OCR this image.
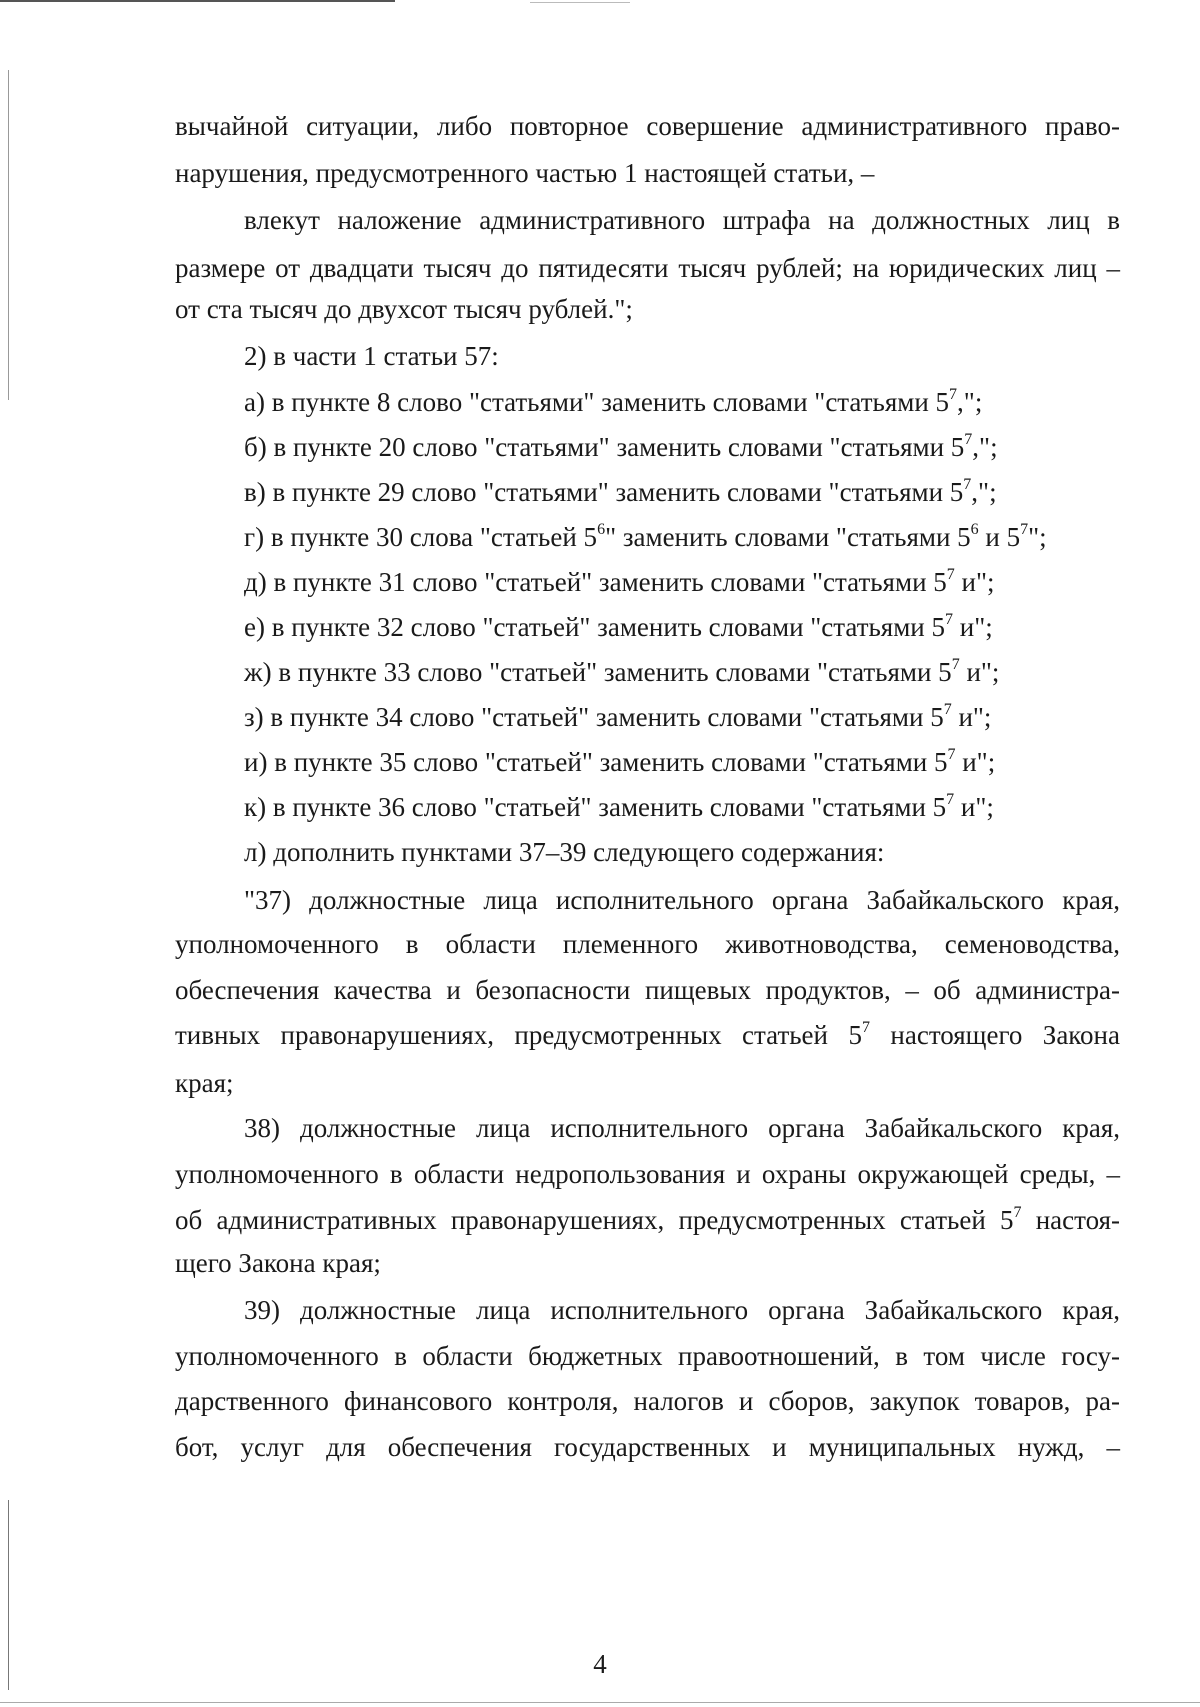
вычайной ситуации, либо повторное совершение административного право-
нарушения, предусмотренного частью 1 настоящей статьи, –
влекут наложение административного штрафа на должностных лиц в
размере от двадцати тысяч до пятидесяти тысяч рублей; на юридических лиц –
от ста тысяч до двухсот тысяч рублей.";
2) в части 1 статьи 57:
а) в пункте 8 слово "статьями" заменить словами "статьями $5^7$,";
б) в пункте 20 слово "статьями" заменить словами "статьями $5^7$,";
в) в пункте 29 слово "статьями" заменить словами "статьями $5^7$,";
г) в пункте 30 слова "статьей $5^6$" заменить словами "статьями $5^6$ и $5^7$";
д) в пункте 31 слово "статьей" заменить словами "статьями $5^7$ и";
е) в пункте 32 слово "статьей" заменить словами "статьями $5^7$ и";
ж) в пункте 33 слово "статьей" заменить словами "статьями $5^7$ и";
з) в пункте 34 слово "статьей" заменить словами "статьями $5^7$ и";
и) в пункте 35 слово "статьей" заменить словами "статьями $5^7$ и";
к) в пункте 36 слово "статьей" заменить словами "статьями $5^7$ и";
л) дополнить пунктами 37–39 следующего содержания:
"37) должностные лица исполнительного органа Забайкальского края,
уполномоченного в области племенного животноводства, семеноводства,
обеспечения качества и безопасности пищевых продуктов, – об администра-
тивных правонарушениях, предусмотренных статьей $5^7$ настоящего Закона
края;
38) должностные лица исполнительного органа Забайкальского края,
уполномоченного в области недропользования и охраны окружающей среды, –
об административных правонарушениях, предусмотренных статьей $5^7$ настоя-
щего Закона края;
39) должностные лица исполнительного органа Забайкальского края,
уполномоченного в области бюджетных правоотношений, в том числе госу-
дарственного финансового контроля, налогов и сборов, закупок товаров, ра-
бот, услуг для обеспечения государственных и муниципальных нужд, –
4
